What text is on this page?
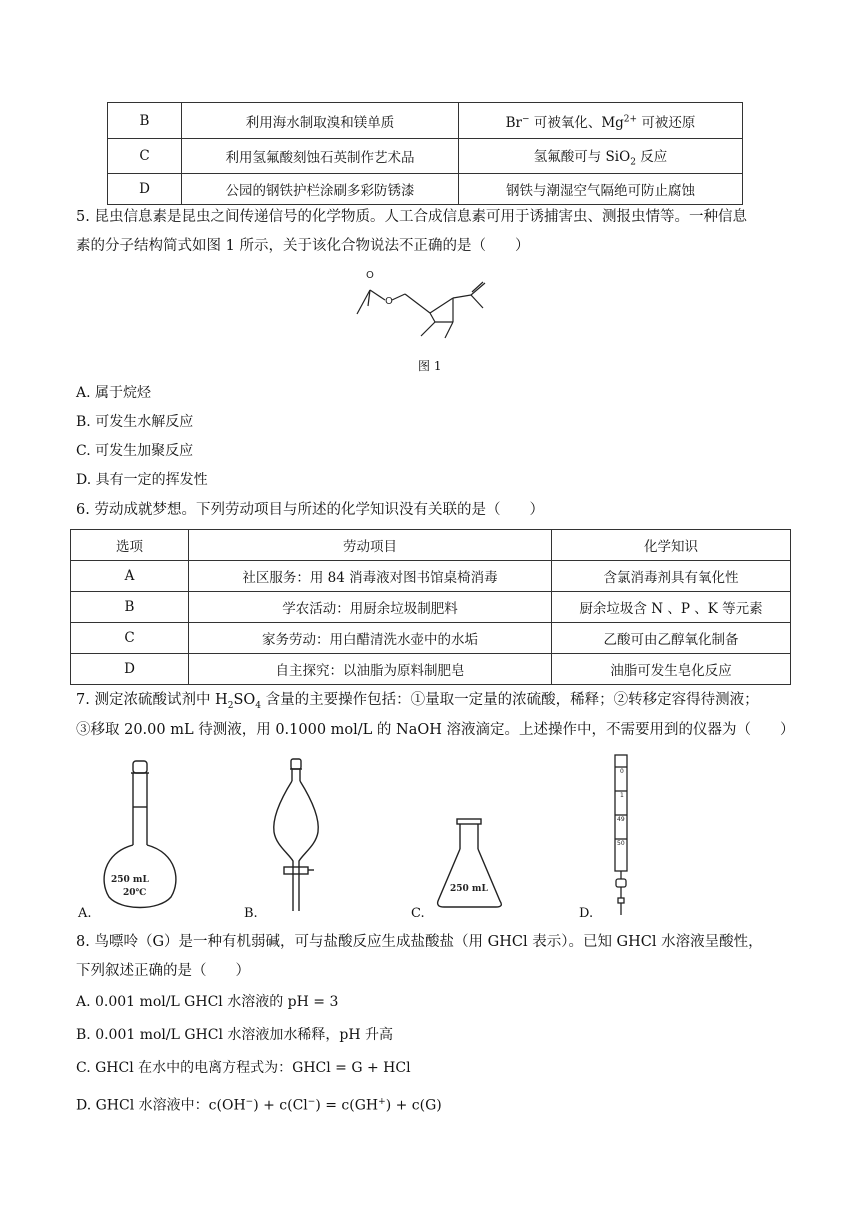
B	利用海水制取溴和镁单质	Br− 可被氧化、$Mg^{2+}$ 可被还原
C	利用氢氟酸刻蚀石英制作艺术品	氢氟酸可与 SiO$_2$ 反应
D	公园的钢铁护栏涂刷多彩防锈漆	钢铁与潮湿空气隔绝可防止腐蚀
5. 昆虫信息素是昆虫之间传递信号的化学物质。人工合成信息素可用于诱捕害虫、测报虫情等。一种信息
素的分子结构简式如图 1 所示，关于该化合物说法不正确的是（　　）
O
O
图 1
A. 属于烷烃
B. 可发生水解反应
C. 可发生加聚反应
D. 具有一定的挥发性
6. 劳动成就梦想。下列劳动项目与所述的化学知识没有关联的是（　　）
选项	劳动项目	化学知识
A	社区服务：用 84 消毒液对图书馆桌椅消毒	含氯消毒剂具有氧化性
B	学农活动：用厨余垃圾制肥料	厨余垃圾含 N 、P 、K 等元素
C	家务劳动：用白醋清洗水壶中的水垢	乙酸可由乙醇氧化制备
D	自主探究：以油脂为原料制肥皂	油脂可发生皂化反应
7. 测定浓硫酸试剂中 $H_2SO_4$ 含量的主要操作包括：①量取一定量的浓硫酸，稀释；②转移定容得待测液；
③移取 20.00 mL 待测液，用 0.1000 mol/L 的 NaOH 溶液滴定。上述操作中，不需要用到的仪器为（　　）
250 mL
20℃
A.	B.
250 mL
C.
0
1
49
50
D.
8. 鸟嘌呤（G）是一种有机弱碱，可与盐酸反应生成盐酸盐（用 GHCl 表示）。已知 GHCl 水溶液呈酸性，
下列叙述正确的是（　　）
A. 0.001 mol/L GHCl 水溶液的 pH = 3
B. 0.001 mol/L GHCl 水溶液加水稀释，pH 升高
C. GHCl 在水中的电离方程式为：GHCl = G + HCl
D. GHCl 水溶液中：c(OH−) + c(Cl−) = c(GH+) + c(G)
